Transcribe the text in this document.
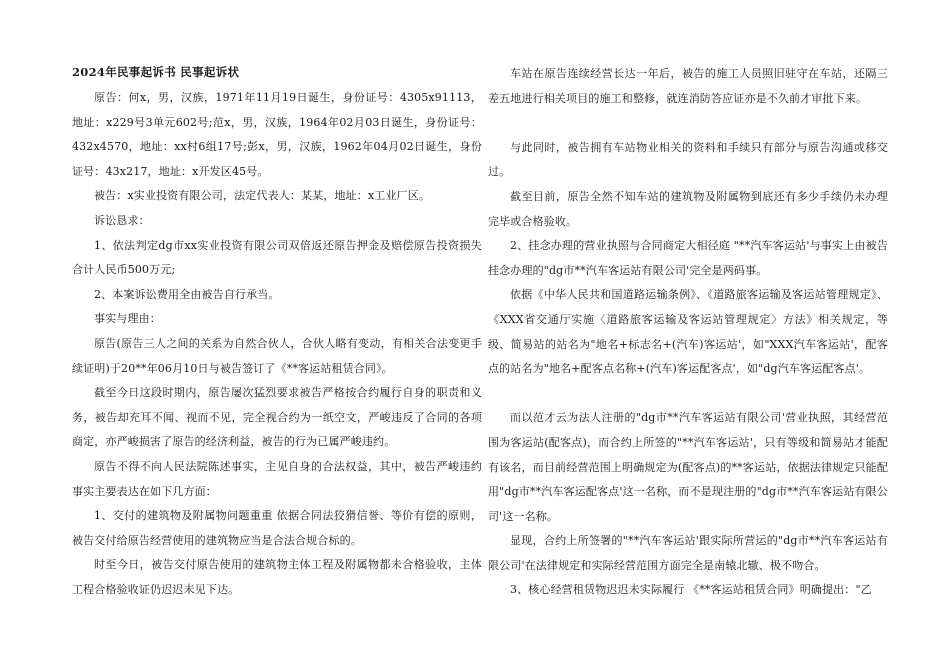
2024年民事起诉书 民事起诉状

原告：何x，男，汉族，1971年11月19日诞生，身份证号：4305x91113，地址：x229号3单元602号;范x，男，汉族，1964年02月03日诞生，身份证号：432x4570，地址：xx村6组17号;彭x，男，汉族，1962年04月02日诞生，身份证号：43x217，地址：x开发区45号。

被告：x实业投资有限公司，法定代表人：某某，地址：x工业厂区。

诉讼恳求：

1、依法判定dg市xx实业投资有限公司双倍返还原告押金及赔偿原告投资损失合计人民币500万元;

2、本案诉讼费用全由被告自行承当。

事实与理由：

原告(原告三人之间的关系为自然合伙人，合伙人略有变动，有相关合法变更手续证明)于20**年06月10日与被告签订了《**客运站租赁合同》。

截至今日这段时期内，原告屡次猛烈要求被告严格按合约履行自身的职责和义务，被告却充耳不闻、视而不见，完全视合约为一纸空文，严峻违反了合同的各项商定，亦严峻损害了原告的经济利益，被告的行为已属严峻违约。

原告不得不向人民法院陈述事实，主见自身的合法权益，其中，被告严峻违约事实主要表达在如下几方面：

1、交付的建筑物及附属物问题重重 依据合同法狡猾信誉、等价有偿的原则，被告交付给原告经营使用的建筑物应当是合法合规合标的。

时至今日，被告交付原告使用的建筑物主体工程及附属物都未合格验收，主体工程合格验收证仍迟迟未见下达。

车站在原告连续经营长达一年后，被告的施工人员照旧驻守在车站，还隔三差五地进行相关项目的施工和整修，就连消防答应证亦是不久前才审批下来。

与此同时，被告拥有车站物业相关的资料和手续只有部分与原告沟通或移交过。

截至目前，原告全然不知车站的建筑物及附属物到底还有多少手续仍未办理完毕或合格验收。

2、挂念办理的营业执照与合同商定大相径庭 "**汽车客运站'与事实上由被告挂念办理的"dg市**汽车客运站有限公司'完全是两码事。

依据《中华人民共和国道路运输条例》、《道路旅客运输及客运站管理规定》、《XXX省交通厅实施〈道路旅客运输及客运站管理规定〉方法》相关规定，等级、简易站的站名为"地名+标志名+(汽车)客运站'，如"XXX汽车客运站'，配客点的站名为"地名+配客点名称+(汽车)客运配客点'，如"dg汽车客运配客点'。

而以范才云为法人注册的"dg市**汽车客运站有限公司'营业执照，其经营范围为客运站(配客点)，而合约上所签的"**汽车客运站'，只有等级和简易站才能配有该名，而目前经营范围上明确规定为(配客点)的**客运站，依据法律规定只能配用"dg市**汽车客运配客点'这一名称，而不是现注册的"dg市**汽车客运站有限公司'这一名称。

显现，合约上所签署的"**汽车客运站'跟实际所营运的"dg市**汽车客运站有限公司'在法律规定和实际经营范围方面完全是南辕北辙、极不吻合。

3、核心经营租赁物迟迟未实际履行 《**客运站租赁合同》明确提出："乙
